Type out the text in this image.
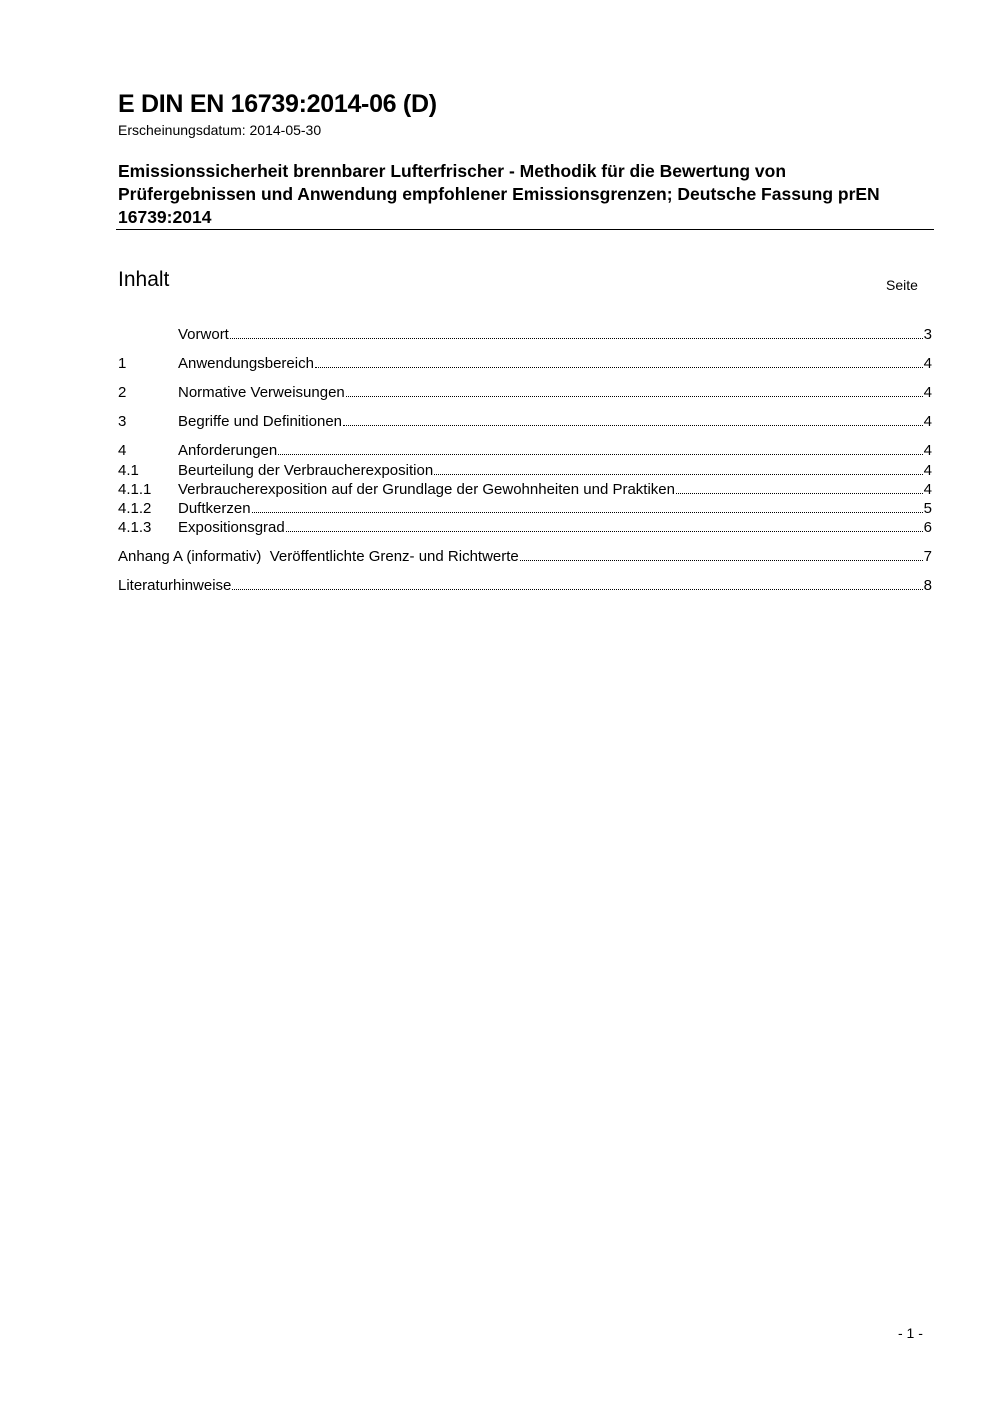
E DIN EN 16739:2014-06 (D)
Erscheinungsdatum: 2014-05-30
Emissionssicherheit brennbarer Lufterfrischer - Methodik für die Bewertung von Prüfergebnissen und Anwendung empfohlener Emissionsgrenzen; Deutsche Fassung prEN 16739:2014
Inhalt	Seite
Vorwort	3
1	Anwendungsbereich	4
2	Normative Verweisungen	4
3	Begriffe und Definitionen	4
4	Anforderungen	4
4.1	Beurteilung der Verbraucherexposition	4
4.1.1	Verbraucherexposition auf der Grundlage der Gewohnheiten und Praktiken	4
4.1.2	Duftkerzen	5
4.1.3	Expositionsgrad	6
Anhang A (informativ)  Veröffentlichte Grenz- und Richtwerte	7
Literaturhinweise	8
- 1 -
